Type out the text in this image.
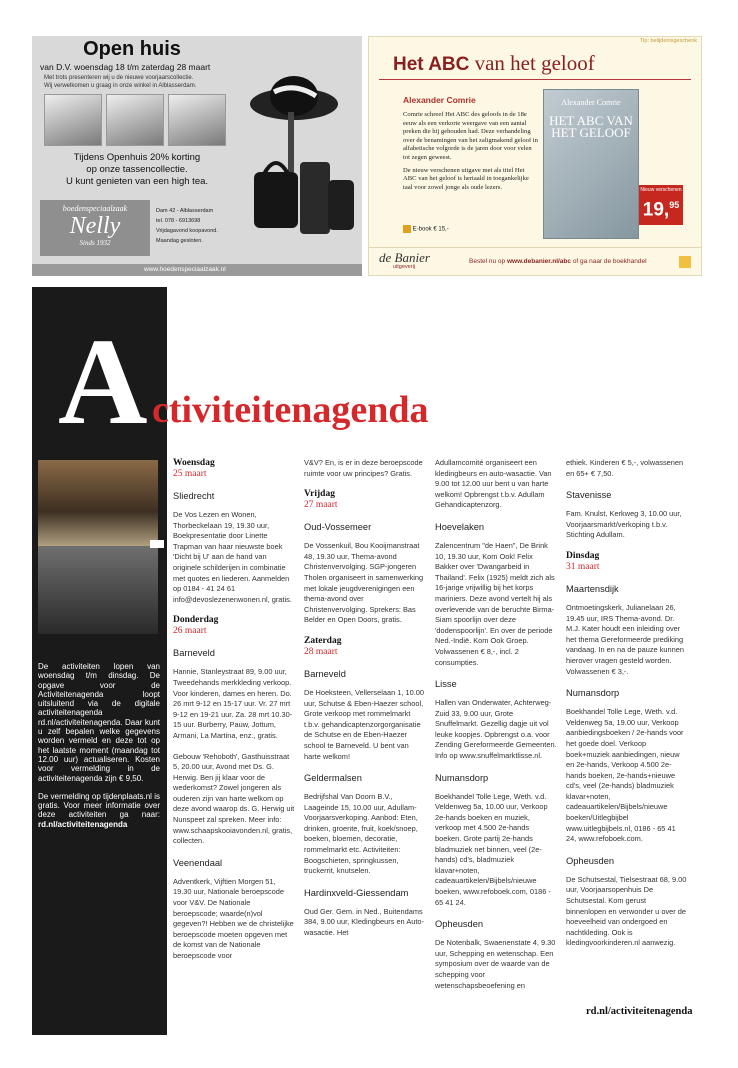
Open huis
van D.V. woensdag 18 t/m zaterdag 28 maart
Met trots presenteren wij u de nieuwe voorjaarscollectie.
Wij verwelkomen u graag in onze winkel in Alblasserdam.
Tijdens Openhuis 20% korting
op onze tassencollectie.
U kunt genieten van een high tea.
boedenspeciaalzaak
Nelly
Sinds 1932
Dam 42 - Alblasserdam
tel. 078 - 6913698
Vrijdagavond koopavond.
Maandag gesloten.
www.hoedenspeciaalzaak.nl
Tip: belijdenisgeschenk
Het ABC van het geloof
Alexander Comrie

Comrie schreef Het ABC des geloofs in de 18e eeuw als een verkorte weergave van een aantal preken die hij gehouden had. Deze verhandeling over de benamingen van het zaligmakend geloof in alfabetische volgorde is de jaren door voor velen tot zegen geweest.

De nieuw verschenen uitgave met als titel Het ABC van het geloof is hertaald in toegankelijke taal voor zowel jonge als oude lezers.

E-book € 15,-
Alexander Comrie
HET ABC VAN HET GELOOF
Nieuw verschenen
19,95
de Banier
uitgeverij
Bestel nu op www.debanier.nl/abc of ga naar de boekhandel
A ctiviteitenagenda

De activiteiten lopen van woensdag t/m dinsdag. De opgave voor de Activiteitenagenda loopt uitsluitend via de digitale activiteitenagenda rd.nl/activiteitenagenda. Daar kunt u zelf bepalen welke gegevens worden vermeld en deze tot op het laatste moment (maandag tot 12.00 uur) actualiseren. Kosten voor vermelding in de activiteitenagenda zijn € 9,50.

De vermelding op tijdenplaats.nl is gratis. Voor meer informatie over deze activiteiten ga naar: rd.nl/activiteitenagenda

Woensdag
25 maart
Sliedrecht

De Vos Lezen en Wonen, Thorbeckelaan 19, 19.30 uur, Boekpresentatie door Linette Trapman van haar nieuwste boek 'Dicht bij U' aan de hand van originele schilderijen in combinatie met quotes en liederen. Aanmelden op 0184 - 41 24 61 info@devoslezenenwonen.nl, gratis.

Donderdag
26 maart
Barneveld

Hannie, Stanleystraat 89, 9.00 uur, Tweedehands merkkleding verkoop. Voor kinderen, dames en heren. Do. 26 mrt 9-12 en 15-17 uur. Vr. 27 mrt 9-12 en 19-21 uur. Za. 28 mrt 10.30-15 uur. Burberry, Pauw, Jottum, Armani, La Martina, enz., gratis.

Gebouw 'Rehoboth', Gasthuisstraat 5, 20.00 uur, Avond met Ds. G. Herwig. Ben jij klaar voor de wederkomst? Zowel jongeren als ouderen zijn van harte welkom op deze avond waarop ds. G. Herwig uit Nunspeet zal spreken. Meer info: www.schaapskooiavonden.nl, gratis, collecten.

Veenendaal

Adventkerk, Vijftien Morgen 51, 19.30 uur, Nationale beroepscode voor V&V. De Nationale beroepscode; waarde(n)vol gegeven?! Hebben we de christelijke beroepscode moeten opgeven met de komst van de Nationale beroepscode voor

V&V? En, is er in deze beroepscode ruimte voor uw principes? Gratis.

Vrijdag
27 maart
Oud-Vossemeer

De Vossenkuil, Bou Kooijmanstraat 48, 19.30 uur, Thema-avond Christenvervolging. SGP-jongeren Tholen organiseert in samenwerking met lokale jeugdverenigingen een thema-avond over Christenvervolging. Sprekers: Bas Belder en Open Doors, gratis.

Zaterdag
28 maart
Barneveld

De Hoeksteen, Vellerselaan 1, 10.00 uur, Schutse & Eben-Haezer school, Grote verkoop met rommelmarkt t.b.v. gehandicaptenzorgorganisatie de Schutse en de Eben-Haezer school te Barneveld. U bent van harte welkom!

Geldermalsen

Bedrijfshal Van Doorn B.V., Laageinde 15, 10.00 uur, Adullam-Voorjaarsverkoping. Aanbod: Eten, drinken, groente, fruit, koek/snoep, boeken, bloemen, decoratie, rommelmarkt etc. Activiteiten: Boogschieten, springkussen, truckerrit, knutselen.

Hardinxveld-Giessendam

Oud Ger. Gem. in Ned., Buitendams 384, 9.00 uur, Kledingbeurs en Auto-wasactie. Het

Adullamcomité organiseert een kledingbeurs en auto-wasactie. Van 9.00 tot 12.00 uur bent u van harte welkom! Opbrengst t.b.v. Adullam Gehandicaptenzorg.

Hoevelaken

Zalencentrum "de Haen", De Brink 10, 19.30 uur, Kom Ook! Felix Bakker over 'Dwangarbeid in Thailand'. Felix (1925) meldt zich als 16-jarige vrijwillig bij het korps mariniers. Deze avond vertelt hij als overlevende van de beruchte Birma-Siam spoorlijn over deze 'dodenspoorlijn'. En over de periode Ned.-Indië. Kom Ook Groep. Volwassenen € 8,-, incl. 2 consumpties.

Lisse

Hallen van Onderwater, Achterweg-Zuid 33, 9.00 uur, Grote Snuffelmarkt. Gezellig dagje uit vol leuke koopjes. Opbrengst o.a. voor Zending Gereformeerde Gemeenten. Info op www.snuffelmarktlisse.nl.

Numansdorp

Boekhandel Tolle Lege, Weth. v.d. Veldenweg 5a, 10.00 uur, Verkoop 2e-hands boeken en muziek, verkoop met 4.500 2e-hands boeken. Grote partij 2e-hands bladmuziek net binnen, veel (2e-hands) cd's, bladmuziek klavar+noten, cadeauartikelen/Bijbels/nieuwe boeken, www.refoboek.com, 0186 - 65 41 24.

Opheusden

De Notenbalk, Swaenenstate 4, 9.30 uur, Schepping en wetenschap. Een symposium over de waarde van de schepping voor wetenschapsbeoefening en

ethiek. Kinderen € 5,-, volwassenen en 65+ € 7,50.

Stavenisse

Fam. Knulst, Kerkweg 3, 10.00 uur, Voorjaarsmarkt/verkoping t.b.v. Stichting Adullam.

Dinsdag
31 maart
Maartensdijk

Ontmoetingskerk, Julianelaan 26, 19.45 uur, IRS Thema-avond. Dr. M.J. Kater houdt een inleiding over het thema Gereformeerde prediking vandaag. In en na de pauze kunnen hierover vragen gesteld worden. Volwassenen € 3,-.

Numansdorp

Boekhandel Tolle Lege, Weth. v.d. Veldenweg 5a, 19.00 uur, Verkoop aanbiedingsboeken / 2e-hands voor het goede doel. Verkoop boek+muziek aanbiedingen, nieuw en 2e-hands, Verkoop 4.500 2e-hands boeken, 2e-hands+nieuwe cd's, veel (2e-hands) bladmuziek klavar+noten, cadeauartikelen/Bijbels/nieuwe boeken/Uitlegbijbel www.uitlegbijbels.nl, 0186 - 65 41 24, www.refoboek.com.

Opheusden

De Schutsestal, Tielsestraat 68, 9.00 uur, Voorjaarsopenhuis De Schutsestal. Kom gerust binnenlopen en verwonder u over de hoeveelheid van ondergoed en nachtkleding. Ook is kledingvoorkinderen.nl aanwezig.

rd.nl/activiteitenagenda
